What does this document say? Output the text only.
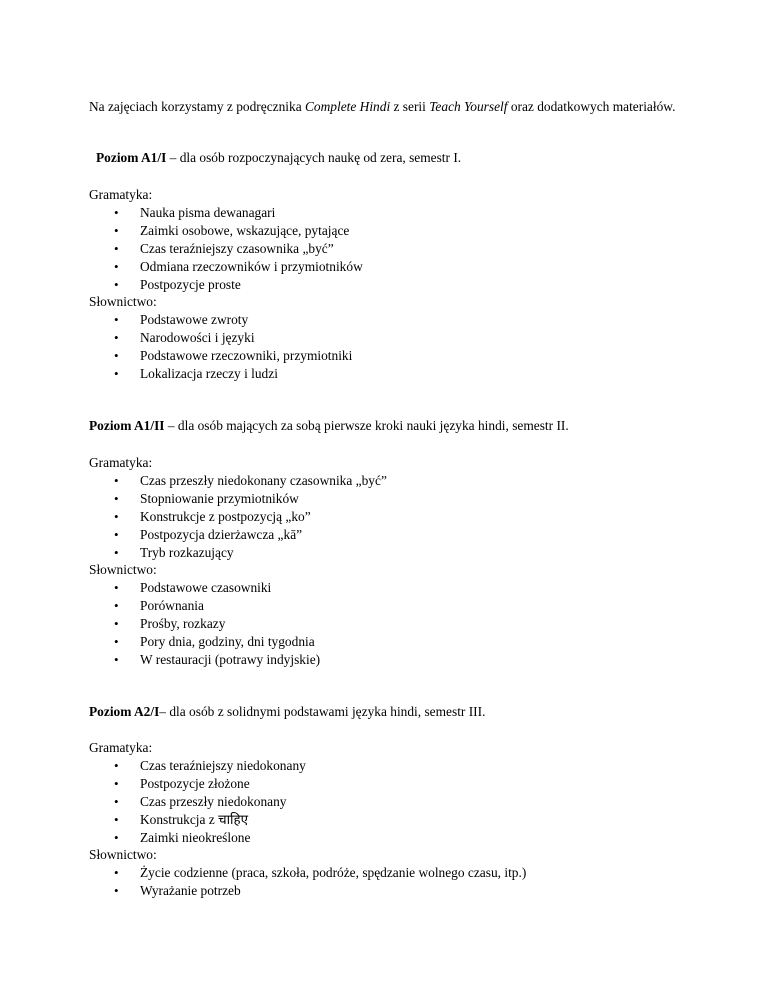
Na zajęciach korzystamy z podręcznika Complete Hindi z serii Teach Yourself oraz dodatkowych materiałów.

Poziom A1/I – dla osób rozpoczynających naukę od zera, semestr I.

Gramatyka:

• Nauka pisma dewanagari
• Zaimki osobowe, wskazujące, pytające
• Czas teraźniejszy czasownika „być”
• Odmiana rzeczowników i przymiotników
• Postpozycje proste

Słownictwo:

• Podstawowe zwroty
• Narodowości i języki
• Podstawowe rzeczowniki, przymiotniki
• Lokalizacja rzeczy i ludzi

Poziom A1/II – dla osób mających za sobą pierwsze kroki nauki języka hindi, semestr II.

Gramatyka:

• Czas przeszły niedokonany czasownika „być”
• Stopniowanie przymiotników
• Konstrukcje z postpozycją „ko”
• Postpozycja dzierżawcza „kā”
• Tryb rozkazujący

Słownictwo:

• Podstawowe czasowniki
• Porównania
• Prośby, rozkazy
• Pory dnia, godziny, dni tygodnia
• W restauracji (potrawy indyjskie)

Poziom A2/I– dla osób z solidnymi podstawami języka hindi, semestr III.

Gramatyka:

• Czas teraźniejszy niedokonany
• Postpozycje złożone
• Czas przeszły niedokonany
• Konstrukcja z चाहिए
• Zaimki nieokreślone

Słownictwo:

• Życie codzienne (praca, szkoła, podróże, spędzanie wolnego czasu, itp.)
• Wyrażanie potrzeb
